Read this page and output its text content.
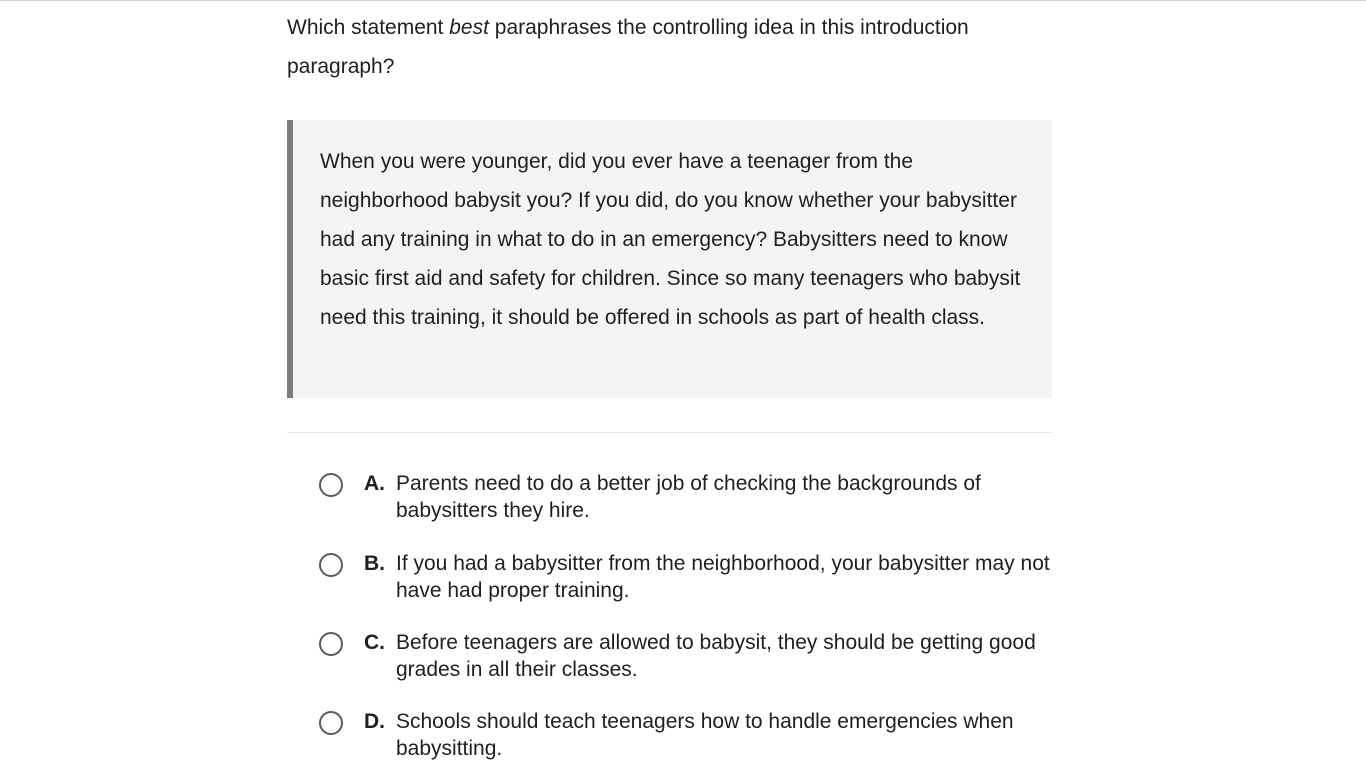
Which statement best paraphrases the controlling idea in this introduction paragraph?

When you were younger, did you ever have a teenager from the neighborhood babysit you? If you did, do you know whether your babysitter had any training in what to do in an emergency? Babysitters need to know basic first aid and safety for children. Since so many teenagers who babysit need this training, it should be offered in schools as part of health class.

A. Parents need to do a better job of checking the backgrounds of babysitters they hire.
B. If you had a babysitter from the neighborhood, your babysitter may not have had proper training.
C. Before teenagers are allowed to babysit, they should be getting good grades in all their classes.
D. Schools should teach teenagers how to handle emergencies when babysitting.
